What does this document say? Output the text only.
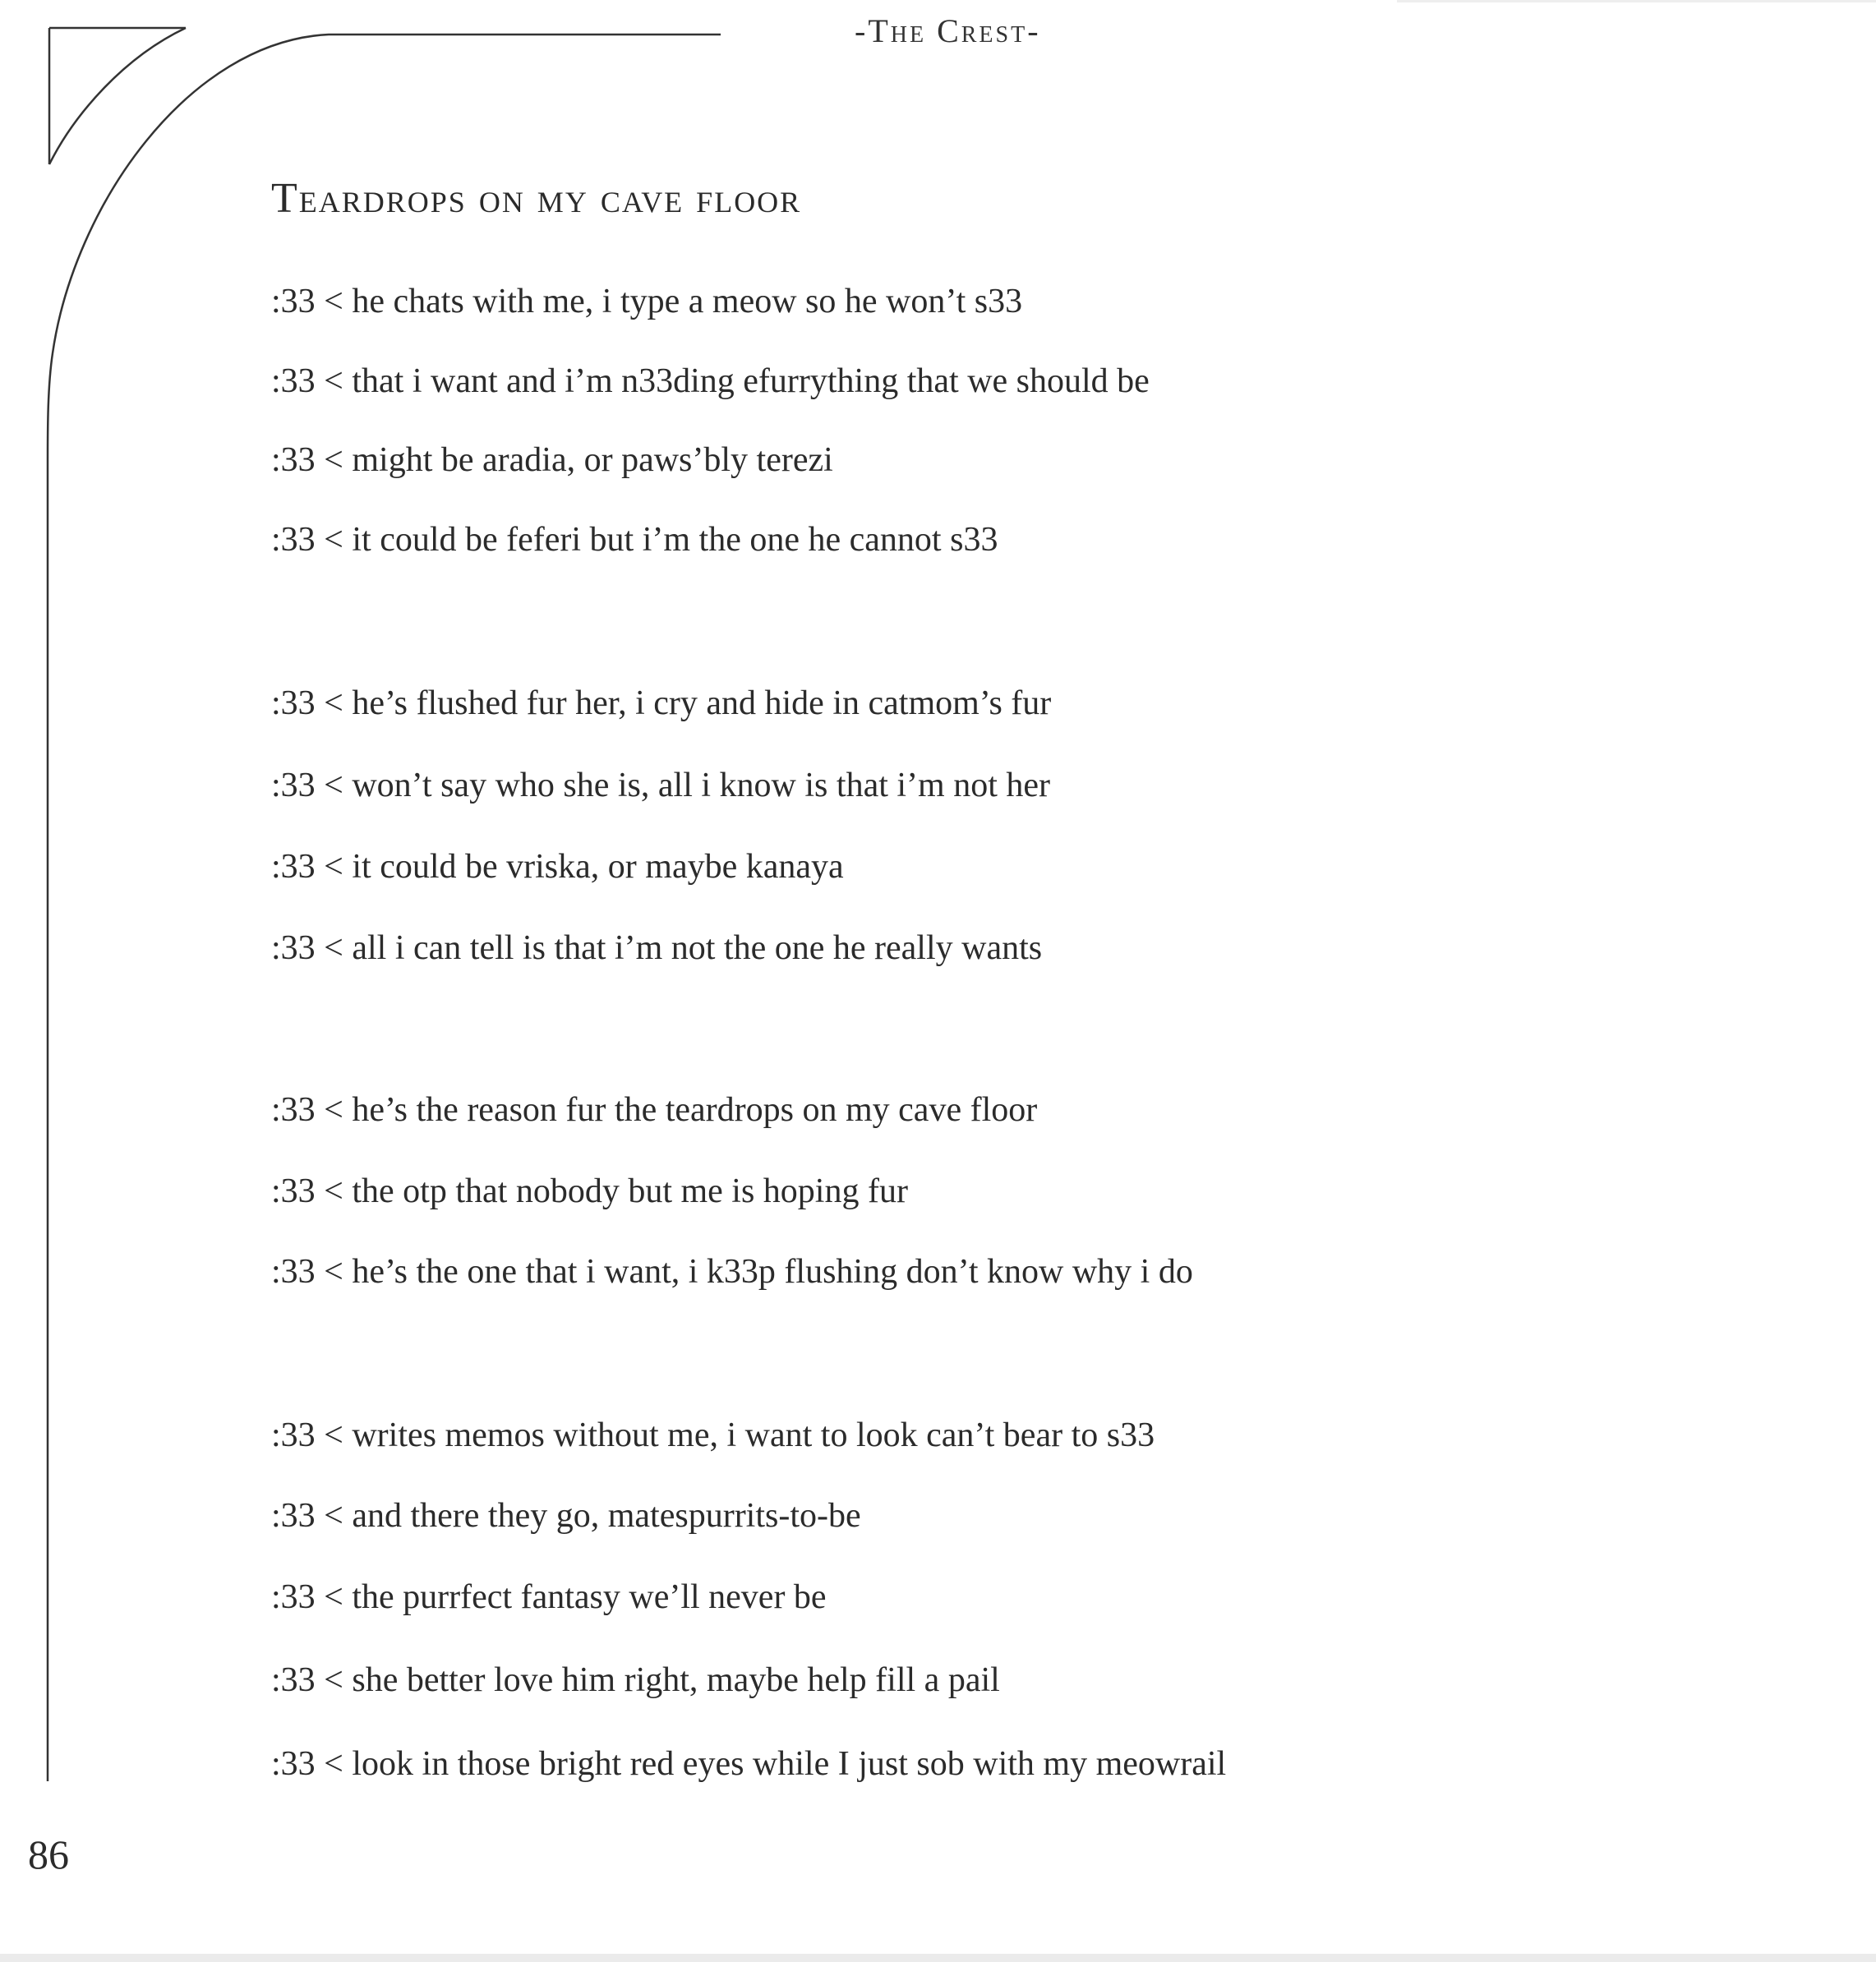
-The Crest-
Teardrops on my cave floor
:33 < he chats with me, i type a meow so he won’t s33
:33 < that i want and i’m n33ding efurrything that we should be
:33 < might be aradia, or paws’bly terezi
:33 < it could be feferi but i’m the one he cannot s33
:33 < he’s flushed fur her, i cry and hide in catmom’s fur
:33 < won’t say who she is, all i know is that i’m not her
:33 < it could be vriska, or maybe kanaya
:33 < all i can tell is that i’m not the one he really wants
:33 < he’s the reason fur the teardrops on my cave floor
:33 < the otp that nobody but me is hoping fur
:33 < he’s the one that i want, i k33p flushing don’t know why i do
:33 < writes memos without me, i want to look can’t bear to s33
:33 < and there they go, matespurrits-to-be
:33 < the purrfect fantasy we’ll never be
:33 < she better love him right, maybe help fill a pail
:33 < look in those bright red eyes while I just sob with my meowrail
86
